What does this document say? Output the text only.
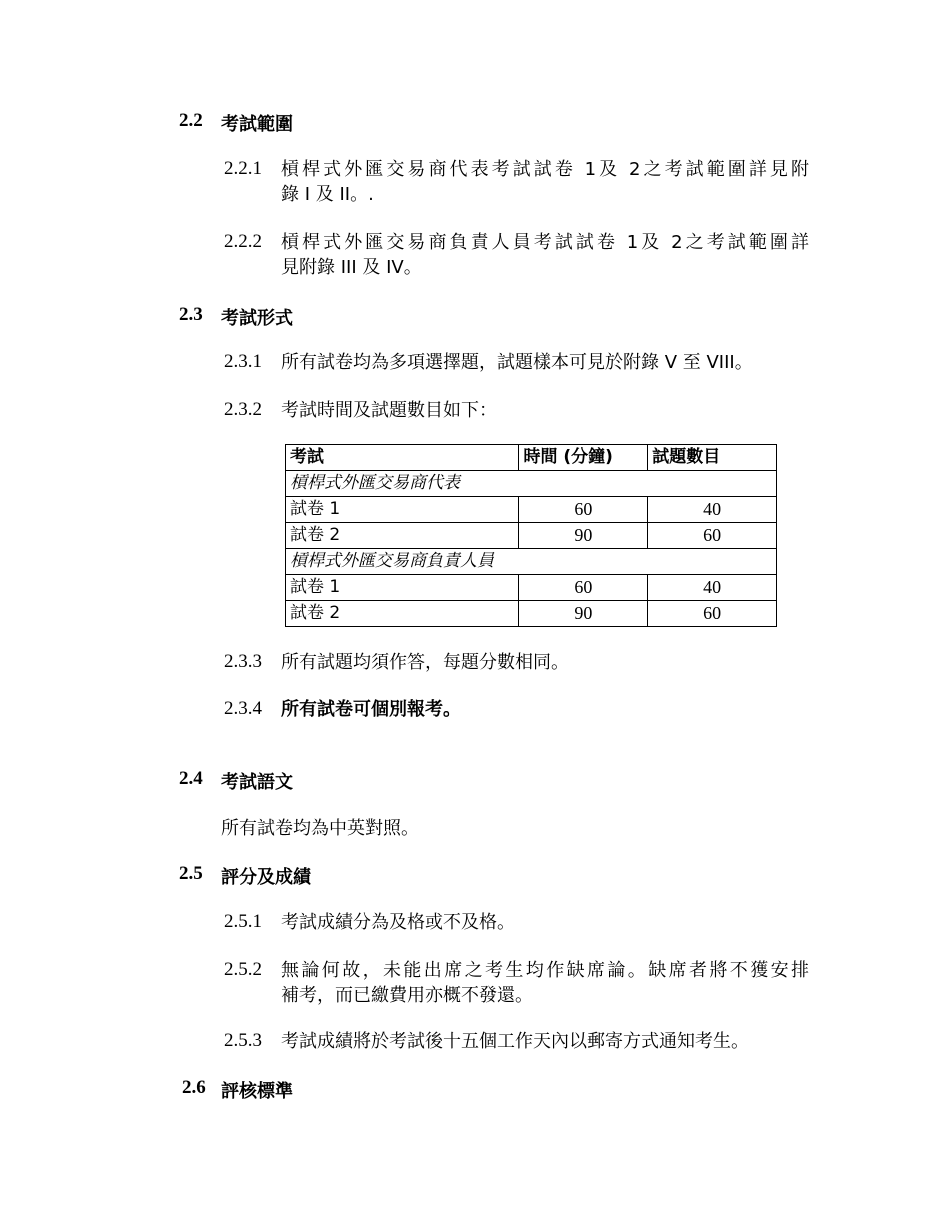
2.2 考試範圍
2.2.1 槓桿式外匯交易商代表考試試卷 1及 2之考試範圍詳見附
錄 I 及 II。.
2.2.2 槓桿式外匯交易商負責人員考試試卷 1及 2之考試範圍詳
見附錄 III 及 IV。
2.3 考試形式
2.3.1 所有試卷均為多項選擇題，試題樣本可見於附錄 V 至 VIII。
2.3.2 考試時間及試題數目如下：
考試	時間 (分鐘)	試題數目
槓桿式外匯交易商代表		
試卷 1	60	40
試卷 2	90	60
槓桿式外匯交易商負責人員		
試卷 1	60	40
試卷 2	90	60
2.3.3 所有試題均須作答，每題分數相同。
2.3.4 所有試卷可個別報考。
2.4 考試語文
所有試卷均為中英對照。
2.5 評分及成績
2.5.1 考試成績分為及格或不及格。
2.5.2 無論何故，未能出席之考生均作缺席論。缺席者將不獲安排
補考，而已繳費用亦概不發還。
2.5.3 考試成績將於考試後十五個工作天內以郵寄方式通知考生。
2.6 評核標準
